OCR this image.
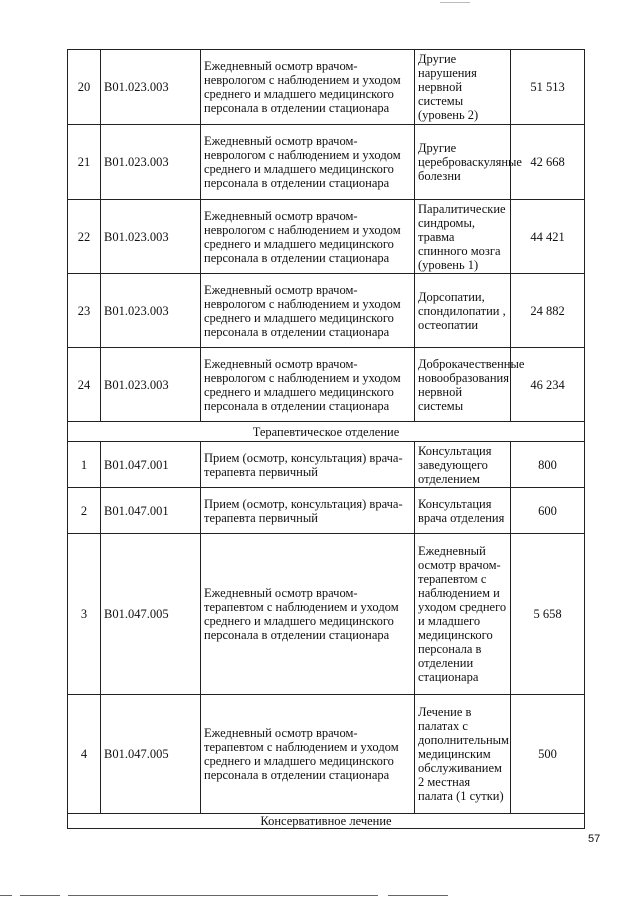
20	B01.023.003	Ежедневный осмотр врачом-неврологом с наблюдением и уходом среднего и младшего медицинского персонала в отделении стационара	Другие нарушения нервной системы (уровень 2)	51 513
21	B01.023.003	Ежедневный осмотр врачом-неврологом с наблюдением и уходом среднего и младшего медицинского персонала в отделении стационара	Другие цереброваскуляные болезни	42 668
22	B01.023.003	Ежедневный осмотр врачом-неврологом с наблюдением и уходом среднего и младшего медицинского персонала в отделении стационара	Паралитические синдромы, травма спинного мозга (уровень 1)	44 421
23	B01.023.003	Ежедневный осмотр врачом-неврологом с наблюдением и уходом среднего и младшего медицинского персонала в отделении стационара	Дорсопатии, спондилопатии , остеопатии	24 882
24	B01.023.003	Ежедневный осмотр врачом-неврологом с наблюдением и уходом среднего и младшего медицинского персонала в отделении стационара	Доброкачественные новообразования нервной системы	46 234
Терапевтическое отделение				
1	B01.047.001	Прием (осмотр, консультация) врача-терапевта первичный	Консультация заведующего отделением	800
2	B01.047.001	Прием (осмотр, консультация) врача-терапевта первичный	Консультация врача отделения	600
3	B01.047.005	Ежедневный осмотр врачом-терапевтом с наблюдением и уходом среднего и младшего медицинского персонала в отделении стационара	Ежедневный осмотр врачом-терапевтом с наблюдением и уходом среднего и младшего медицинского персонала в отделении стационара	5 658
4	B01.047.005	Ежедневный осмотр врачом-терапевтом с наблюдением и уходом среднего и младшего медицинского персонала в отделении стационара	Лечение в палатах с дополнительным медицинским обслуживанием 2 местная палата (1 сутки)	500
Консервативное лечение				
57
